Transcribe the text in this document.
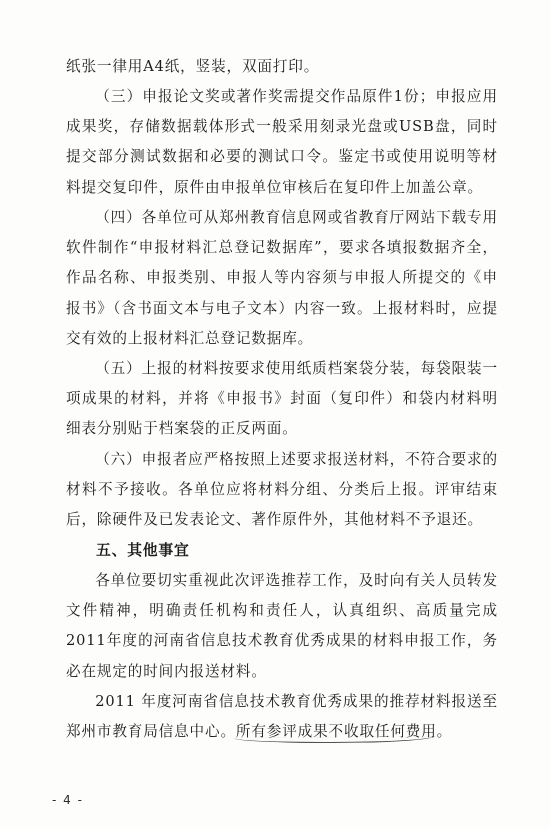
纸张一律用A4纸，竖装，双面打印。

（三）申报论文奖或著作奖需提交作品原件1份；申报应用成果奖，存储数据载体形式一般采用刻录光盘或USB盘，同时提交部分测试数据和必要的测试口令。鉴定书或使用说明等材料提交复印件，原件由申报单位审核后在复印件上加盖公章。

（四）各单位可从郑州教育信息网或省教育厅网站下载专用软件制作“申报材料汇总登记数据库”，要求各填报数据齐全，作品名称、申报类别、申报人等内容须与申报人所提交的《申报书》（含书面文本与电子文本）内容一致。上报材料时，应提交有效的上报材料汇总登记数据库。

（五）上报的材料按要求使用纸质档案袋分装，每袋限装一项成果的材料，并将《申报书》封面（复印件）和袋内材料明细表分别贴于档案袋的正反两面。

（六）申报者应严格按照上述要求报送材料，不符合要求的材料不予接收。各单位应将材料分组、分类后上报。评审结束后，除硬件及已发表论文、著作原件外，其他材料不予退还。

五、其他事宜

各单位要切实重视此次评选推荐工作，及时向有关人员转发文件精神，明确责任机构和责任人，认真组织、高质量完成2011年度的河南省信息技术教育优秀成果的材料申报工作，务必在规定的时间内报送材料。

2011 年度河南省信息技术教育优秀成果的推荐材料报送至郑州市教育局信息中心。所有参评成果不收取任何费用。

- 4 -
